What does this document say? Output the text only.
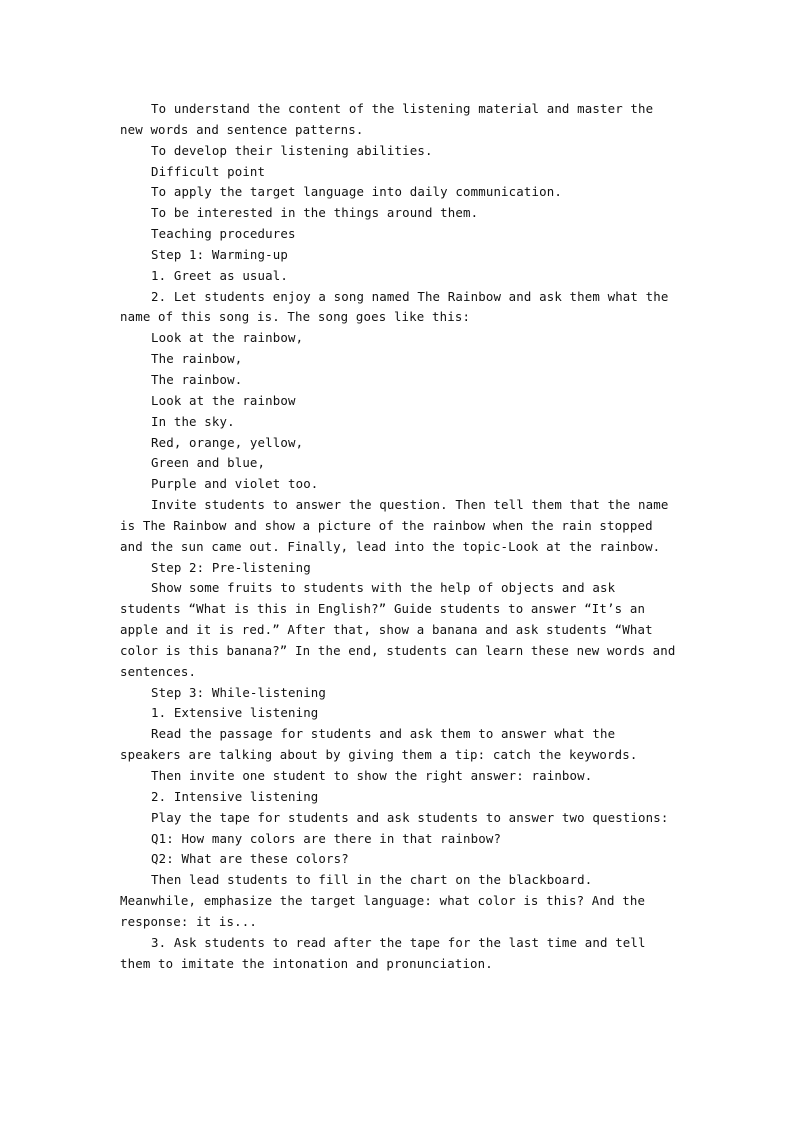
To understand the content of the listening material and master the new words and sentence patterns.

To develop their listening abilities.

Difficult point

To apply the target language into daily communication.

To be interested in the things around them.

Teaching procedures

Step 1: Warming-up

1. Greet as usual.

2. Let students enjoy a song named The Rainbow and ask them what the name of this song is. The song goes like this:

Look at the rainbow,

The rainbow,

The rainbow.

Look at the rainbow

In the sky.

Red, orange, yellow,

Green and blue,

Purple and violet too.

Invite students to answer the question. Then tell them that the name is The Rainbow and show a picture of the rainbow when the rain stopped and the sun came out. Finally, lead into the topic-Look at the rainbow.

Step 2: Pre-listening

Show some fruits to students with the help of objects and ask students “What is this in English?” Guide students to answer “It’s an apple and it is red.” After that, show a banana and ask students “What color is this banana?” In the end, students can learn these new words and sentences.

Step 3: While-listening

1. Extensive listening

Read the passage for students and ask them to answer what the speakers are talking about by giving them a tip: catch the keywords.

Then invite one student to show the right answer: rainbow.

2. Intensive listening

Play the tape for students and ask students to answer two questions:

Q1: How many colors are there in that rainbow?

Q2: What are these colors?

Then lead students to fill in the chart on the blackboard. Meanwhile, emphasize the target language: what color is this? And the response: it is...

3. Ask students to read after the tape for the last time and tell them to imitate the intonation and pronunciation.
